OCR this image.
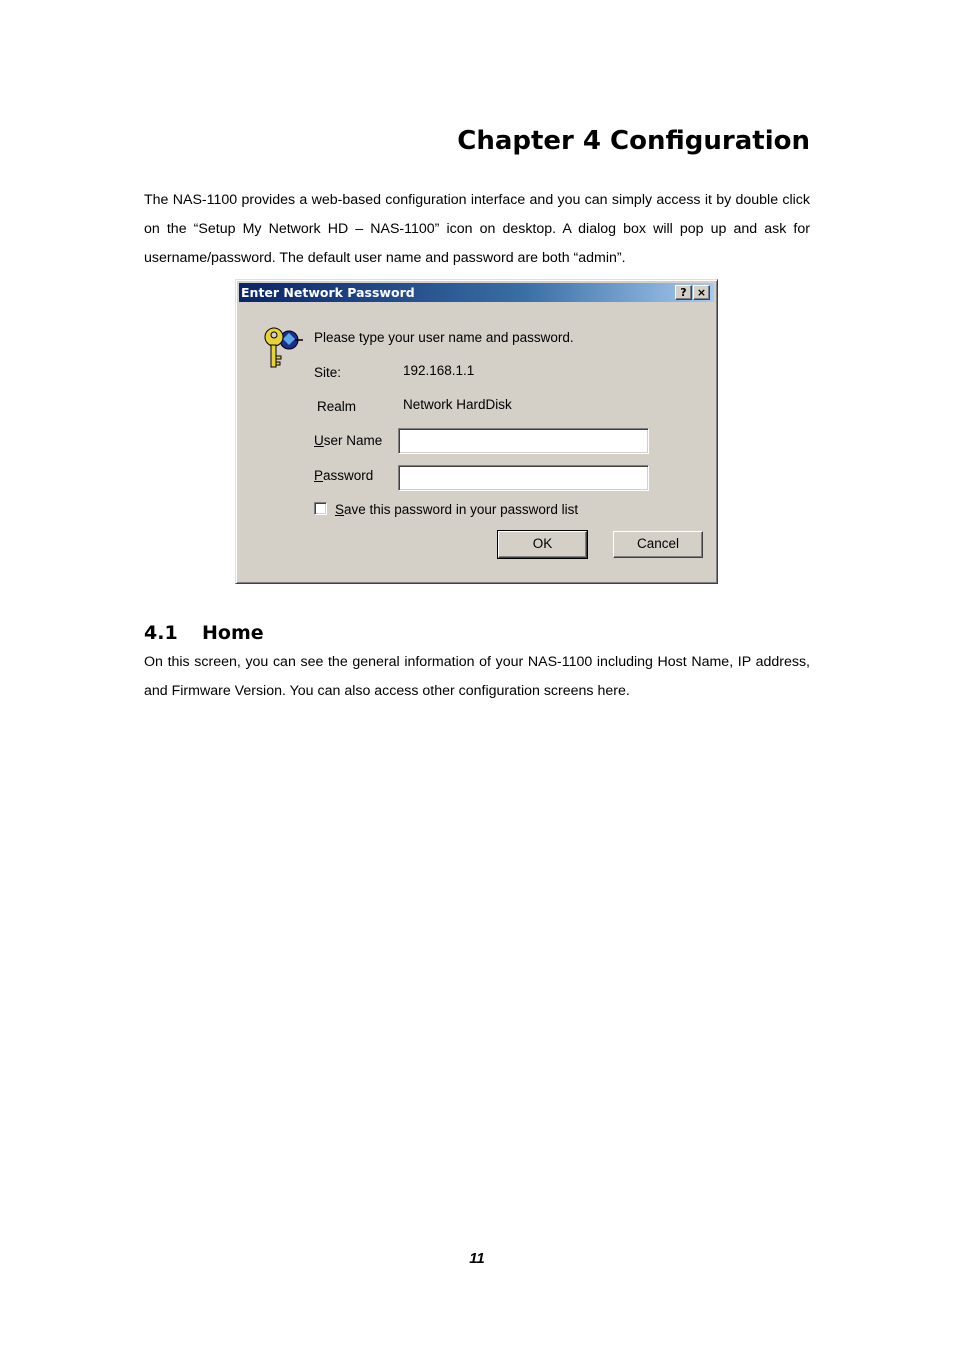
Chapter 4 Configuration

The NAS-1100 provides a web-based configuration interface and you can simply access it by double click on the “Setup My Network HD – NAS-1100” icon on desktop. A dialog box will pop up and ask for username/password. The default user name and password are both “admin”.

Enter Network Password	? ×
Please type your user name and password.
Site:	192.168.1.1
Realm	Network HardDisk
User Name
Password
Save this password in your password list
OK	Cancel
4.1 Home

On this screen, you can see the general information of your NAS-1100 including Host Name, IP address, and Firmware Version. You can also access other configuration screens here.

11
